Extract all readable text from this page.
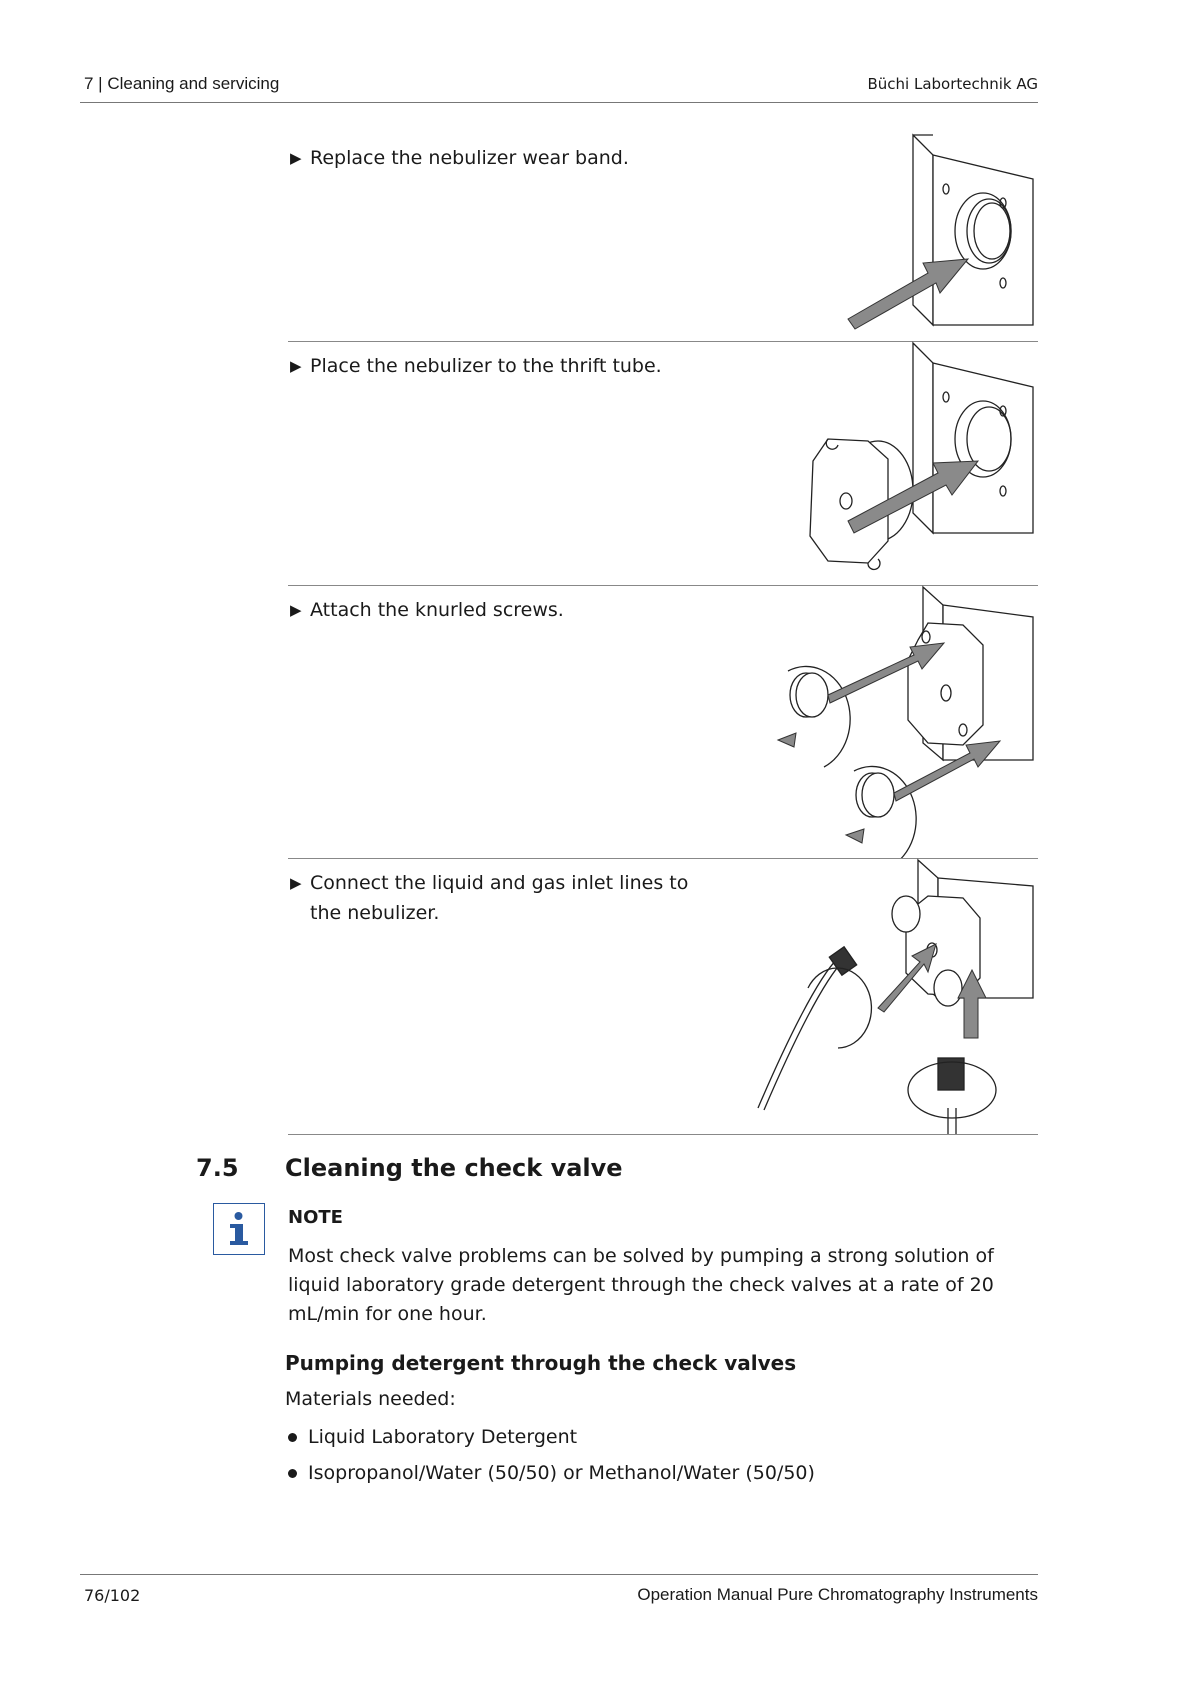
7 | Cleaning and servicing	Büchi Labortechnik AG
▶ Replace the nebulizer wear band.
▶ Place the nebulizer to the thrift tube.
▶ Attach the knurled screws.
▶ Connect the liquid and gas inlet lines to the nebulizer.
7.5 Cleaning the check valve
NOTE
Most check valve problems can be solved by pumping a strong solution of liquid laboratory grade detergent through the check valves at a rate of 20 mL/min for one hour.
Pumping detergent through the check valves
Materials needed:
Liquid Laboratory Detergent
Isopropanol/Water (50/50) or Methanol/Water (50/50)
76/102	Operation Manual Pure Chromatography Instruments
